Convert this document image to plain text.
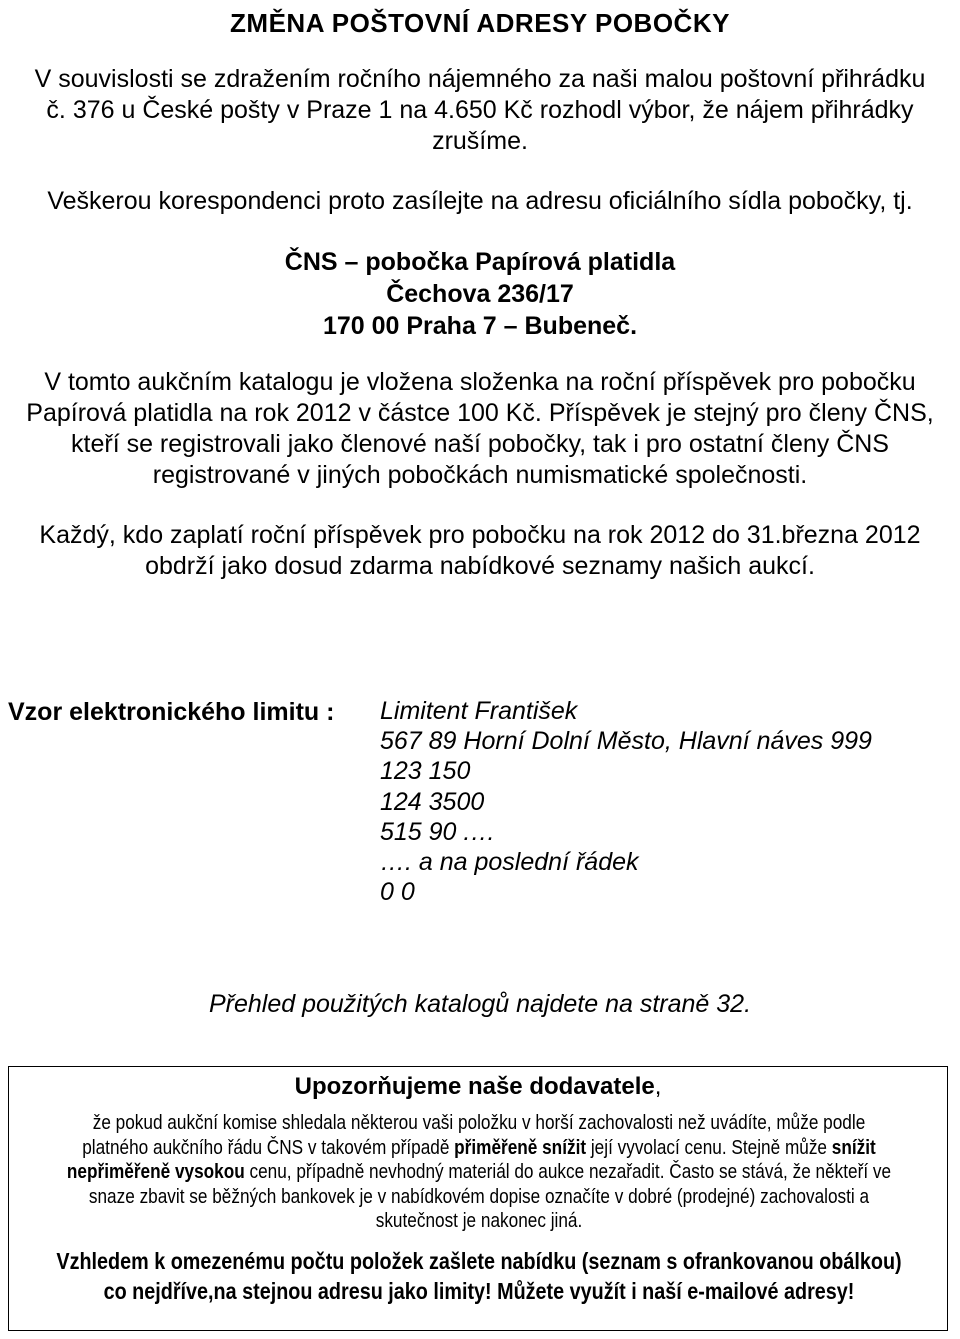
ZMĚNA POŠTOVNÍ ADRESY POBOČKY
V souvislosti se zdražením ročního nájemného za naši malou poštovní přihrádku
č. 376 u České pošty v Praze 1 na 4.650 Kč rozhodl výbor, že nájem přihrádky
zrušíme.
Veškerou korespondenci proto zasílejte na adresu oficiálního sídla pobočky, tj.
ČNS – pobočka Papírová platidla
Čechova 236/17
170 00 Praha 7 – Bubeneč.
V tomto aukčním katalogu je vložena složenka na roční příspěvek pro pobočku
Papírová platidla na rok 2012 v částce 100 Kč. Příspěvek je stejný pro členy ČNS,
kteří se registrovali jako členové naší pobočky, tak i pro ostatní členy ČNS
registrované v jiných pobočkách numismatické společnosti.
Každý, kdo zaplatí roční příspěvek pro pobočku na rok 2012 do 31.března 2012
obdrží jako dosud zdarma nabídkové seznamy našich aukcí.
Vzor elektronického limitu : Limitent František
567 89 Horní Dolní Město, Hlavní náves 999
123 150
124 3500
515 90 .…
…. a na poslední řádek
0 0
Přehled použitých katalogů najdete na straně 32.
Upozorňujeme naše dodavatele,
že pokud aukční komise shledala některou vaši položku v horší zachovalosti než uvádíte, může podle
platného aukčního řádu ČNS v takovém případě přiměřeně snížit její vyvolací cenu. Stejně může snížit
nepřiměřeně vysokou cenu, případně nevhodný materiál do aukce nezařadit. Často se stává, že někteří ve
snaze zbavit se běžných bankovek je v nabídkovém dopise označíte v dobré (prodejné) zachovalosti a
skutečnost je nakonec jiná.
Vzhledem k omezenému počtu položek zašlete nabídku (seznam s ofrankovanou obálkou)
co nejdříve,na stejnou adresu jako limity! Můžete využít i naší e-mailové adresy!
